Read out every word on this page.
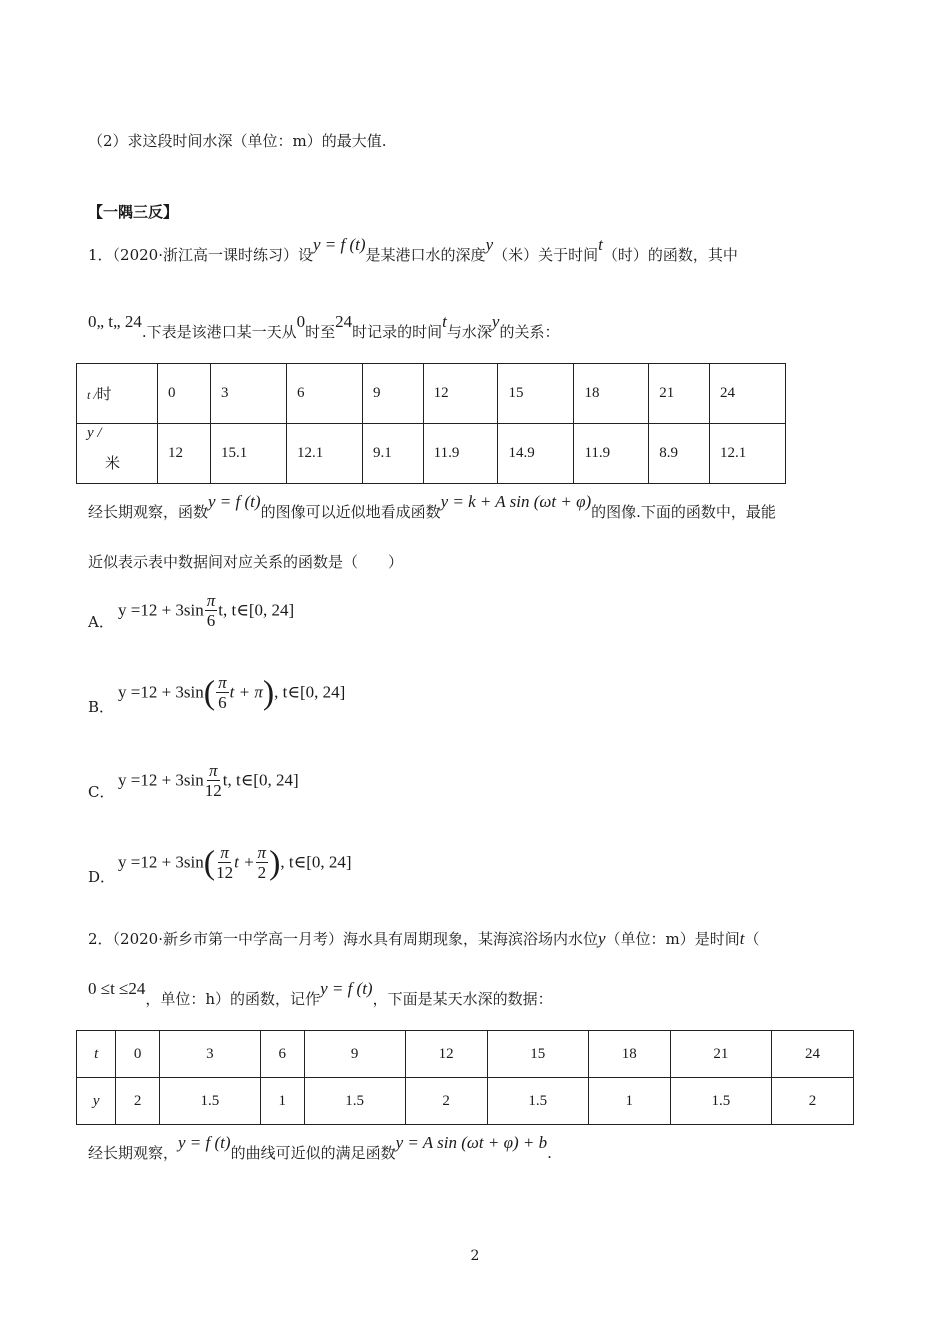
（2）求这段时间水深（单位：m）的最大值.
【一隅三反】
1．（2020·浙江高一课时练习）设y = f (t)是某港口水的深度y（米）关于时间t（时）的函数，其中
0„ t„ 24.下表是该港口某一天从0时至24时记录的时间t与水深y的关系：
t /时	0	3	6	9	12	15	18	21	24
y /
米	12	15.1	12.1	9.1	11.9	14.9	11.9	8.9	12.1
经长期观察，函数y = f (t)的图像可以近似地看成函数y = k + A sin (ωt + φ)的图像.下面的函数中，最能
近似表示表中数据间对应关系的函数是（　　）
A．
$y =12 + 3\sin \frac{\pi}{6} t$, t∈[0, 24]
B．
$y =12 + 3\sin( \frac{\pi}{6}$ t + π), t∈[0, 24]
C．
$y =12 + 3\sin \frac{\pi}{12} t$, t∈[0, 24]
D．
$y =12 + 3\sin( \frac{\pi}{12}$ $t + \frac{\pi}{2}$ ), t∈[0, 24]
2．（2020·新乡市第一中学高一月考）海水具有周期现象，某海滨浴场内水位y（单位：m）是时间t（
0 ≤t ≤24，单位：h）的函数，记作y = f (t)，下面是某天水深的数据：
t	0	3	6	9	12	15	18	21	24
y	2	1.5	1	1.5	2	1.5	1	1.5	2
经长期观察，y = f (t)的曲线可近似的满足函数y = A sin (ωt + φ) + b.
2
